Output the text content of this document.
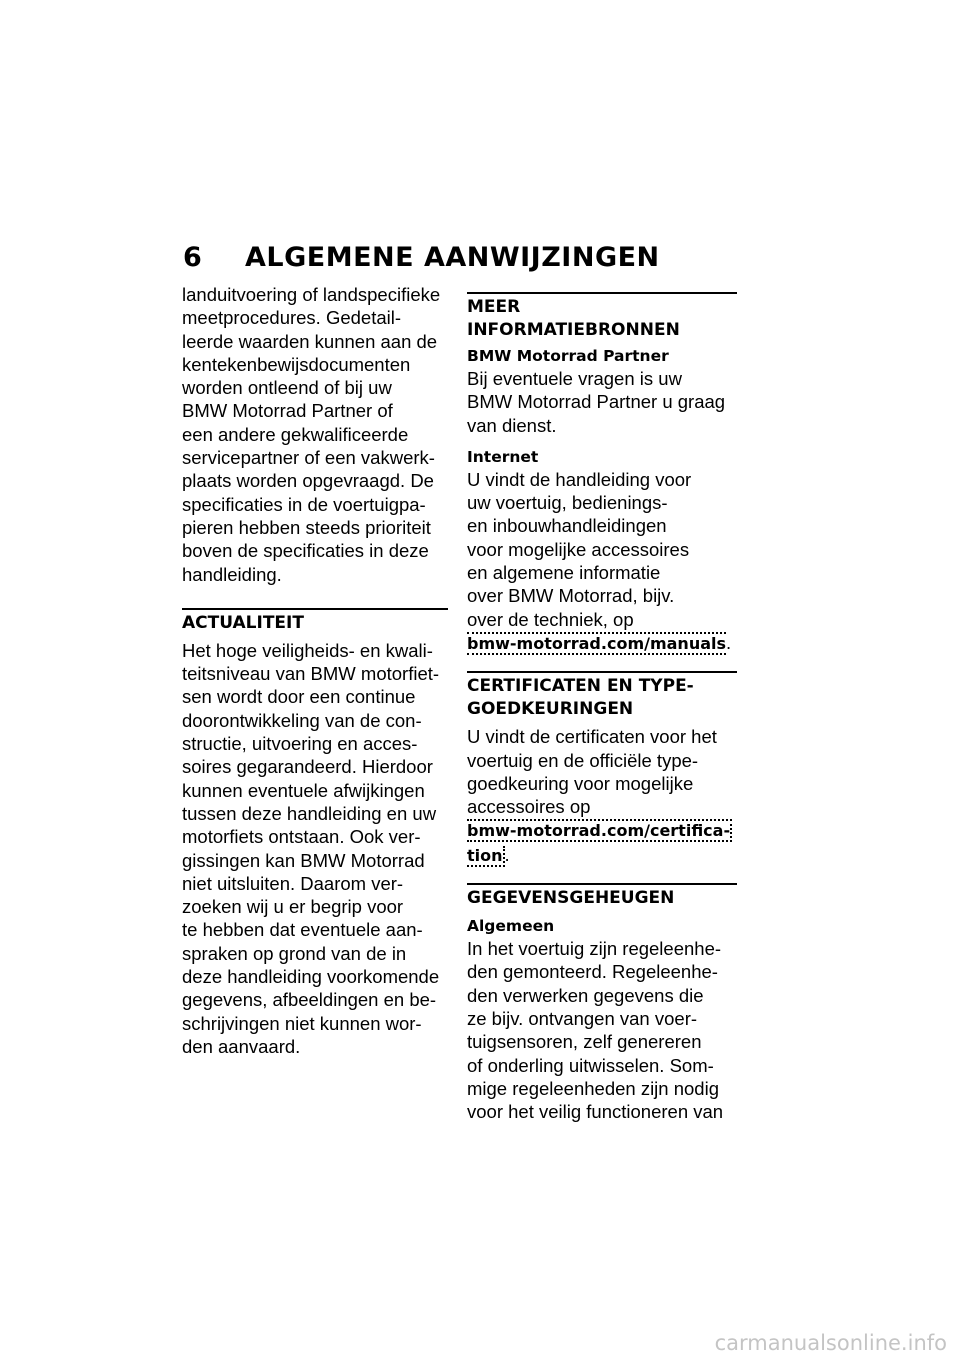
6 ALGEMENE AANWIJZINGEN

landuitvoering of landspecifieke
meetprocedures. Gedetail-
leerde waarden kunnen aan de
kentekenbewijsdocumenten
worden ontleend of bij uw
BMW Motorrad Partner of
een andere gekwalificeerde
servicepartner of een vakwerk-
plaats worden opgevraagd. De
specificaties in de voertuigpa-
pieren hebben steeds prioriteit
boven de specificaties in deze
handleiding.

ACTUALITEIT

Het hoge veiligheids- en kwali-
teitsniveau van BMW motorfiet-
sen wordt door een continue
doorontwikkeling van de con-
structie, uitvoering en acces-
soires gegarandeerd. Hierdoor
kunnen eventuele afwijkingen
tussen deze handleiding en uw
motorfiets ontstaan. Ook ver-
gissingen kan BMW Motorrad
niet uitsluiten. Daarom ver-
zoeken wij u er begrip voor
te hebben dat eventuele aan-
spraken op grond van de in
deze handleiding voorkomende
gegevens, afbeeldingen en be-
schrijvingen niet kunnen wor-
den aanvaard.

MEER
INFORMATIEBRONNEN
BMW Motorrad Partner

Bij eventuele vragen is uw
BMW Motorrad Partner u graag
van dienst.

Internet

U vindt de handleiding voor
uw voertuig, bedienings-
en inbouwhandleidingen
voor mogelijke accessoires
en algemene informatie
over BMW Motorrad, bijv.
over de techniek, op
bmw-motorrad.com/manuals.

CERTIFICATEN EN TYPE-
GOEDKEURINGEN

U vindt de certificaten voor het
voertuig en de officiële type-
goedkeuring voor mogelijke
accessoires op
bmw-motorrad.com/certifica-
tion .

GEGEVENSGEHEUGEN
Algemeen

In het voertuig zijn regeleenhe-
den gemonteerd. Regeleenhe-
den verwerken gegevens die
ze bijv. ontvangen van voer-
tuigsensoren, zelf genereren
of onderling uitwisselen. Som-
mige regeleenheden zijn nodig
voor het veilig functioneren van

carmanualsonline.info
